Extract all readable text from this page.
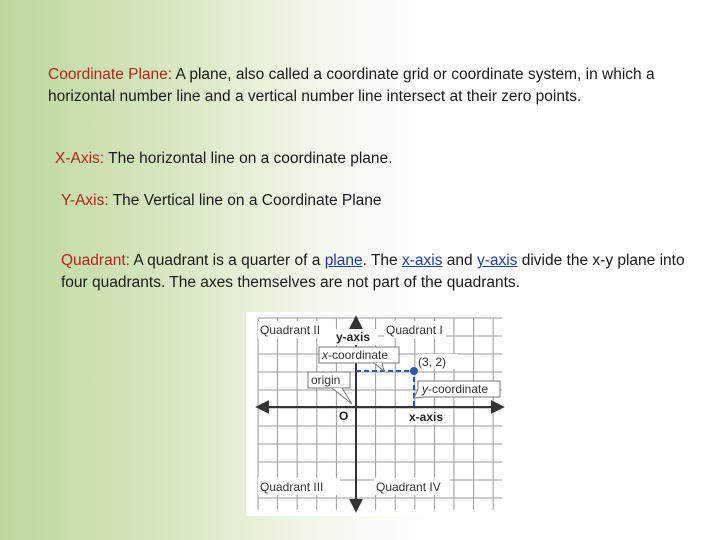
Coordinate Plane: A plane, also called a coordinate grid or coordinate system, in which a horizontal number line and a vertical number line intersect at their zero points.

X-Axis: The horizontal line on a coordinate plane.

Y-Axis: The Vertical line on a Coordinate Plane

Quadrant: A quadrant is a quarter of a plane. The x-axis and y-axis divide the x-y plane into four quadrants. The axes themselves are not part of the quadrants.

Quadrant II	Quadrant I
Quadrant III	Quadrant IV
y-axis
x-axis
O
x-coordinate
origin
y-coordinate
(3, 2)
